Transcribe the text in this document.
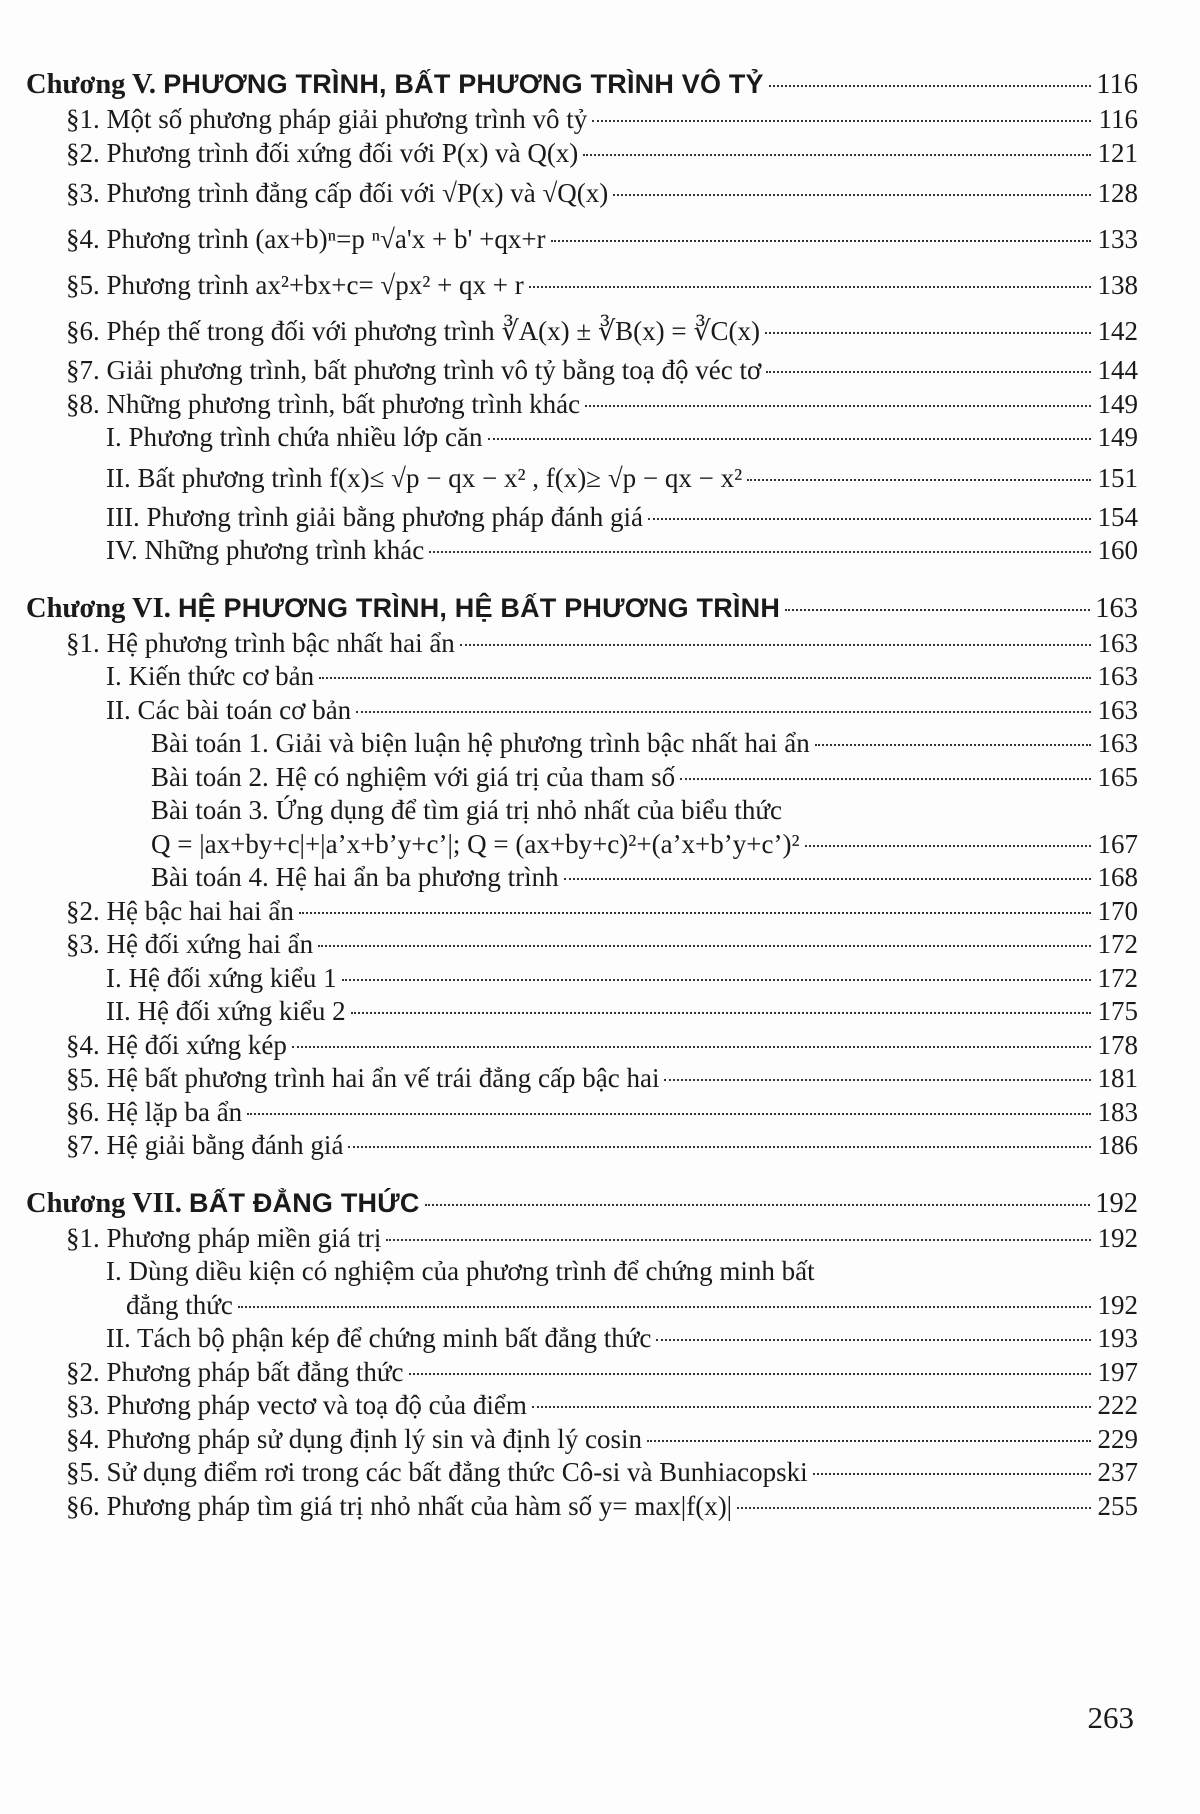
Chương V. PHƯƠNG TRÌNH, BẤT PHƯƠNG TRÌNH VÔ TỶ	116
§1. Một số phương pháp giải phương trình vô tỷ	116
§2. Phương trình đối xứng đối với P(x) và Q(x)	121
§3. Phương trình đẳng cấp đối với √P(x) và √Q(x)	128
§4. Phương trình (ax+b)ⁿ=p ⁿ√a'x + b' +qx+r	133
§5. Phương trình ax²+bx+c= √px² + qx + r	138
§6. Phép thế trong đối với phương trình ∛A(x) ± ∛B(x) = ∛C(x)	142
§7. Giải phương trình, bất phương trình vô tỷ bằng toạ độ véc tơ	144
§8. Những phương trình, bất phương trình khác	149
I. Phương trình chứa nhiều lớp căn	149
II. Bất phương trình f(x)≤ √p − qx − x² , f(x)≥ √p − qx − x²	151
III. Phương trình giải bằng phương pháp đánh giá	154
IV. Những phương trình khác	160
Chương VI. HỆ PHƯƠNG TRÌNH, HỆ BẤT PHƯƠNG TRÌNH	163
§1. Hệ phương trình bậc nhất hai ẩn	163
I. Kiến thức cơ bản	163
II. Các bài toán cơ bản	163
Bài toán 1. Giải và biện luận hệ phương trình bậc nhất hai ẩn	163
Bài toán 2. Hệ có nghiệm với giá trị của tham số	165
Bài toán 3. Ứng dụng để tìm giá trị nhỏ nhất của biểu thức
Q = |ax+by+c|+|a’x+b’y+c’|; Q = (ax+by+c)²+(a’x+b’y+c’)²	167
Bài toán 4. Hệ hai ẩn ba phương trình	168
§2. Hệ bậc hai hai ẩn	170
§3. Hệ đối xứng hai ẩn	172
I. Hệ đối xứng kiểu 1	172
II. Hệ đối xứng kiểu 2	175
§4. Hệ đối xứng kép	178
§5. Hệ bất phương trình hai ẩn vế trái đẳng cấp bậc hai	181
§6. Hệ lặp ba ẩn	183
§7. Hệ giải bằng đánh giá	186
Chương VII. BẤT ĐẲNG THỨC	192
§1. Phương pháp miền giá trị	192
I. Dùng diều kiện có nghiệm của phương trình để chứng minh bất
đẳng thức	192
II. Tách bộ phận kép để chứng minh bất đẳng thức	193
§2. Phương pháp bất đẳng thức	197
§3. Phương pháp vectơ và toạ độ của điểm	222
§4. Phương pháp sử dụng định lý sin và định lý cosin	229
§5. Sử dụng điểm rơi trong các bất đẳng thức Cô-si và Bunhiacopski	237
§6. Phương pháp tìm giá trị nhỏ nhất của hàm số y= max|f(x)|	255
263
